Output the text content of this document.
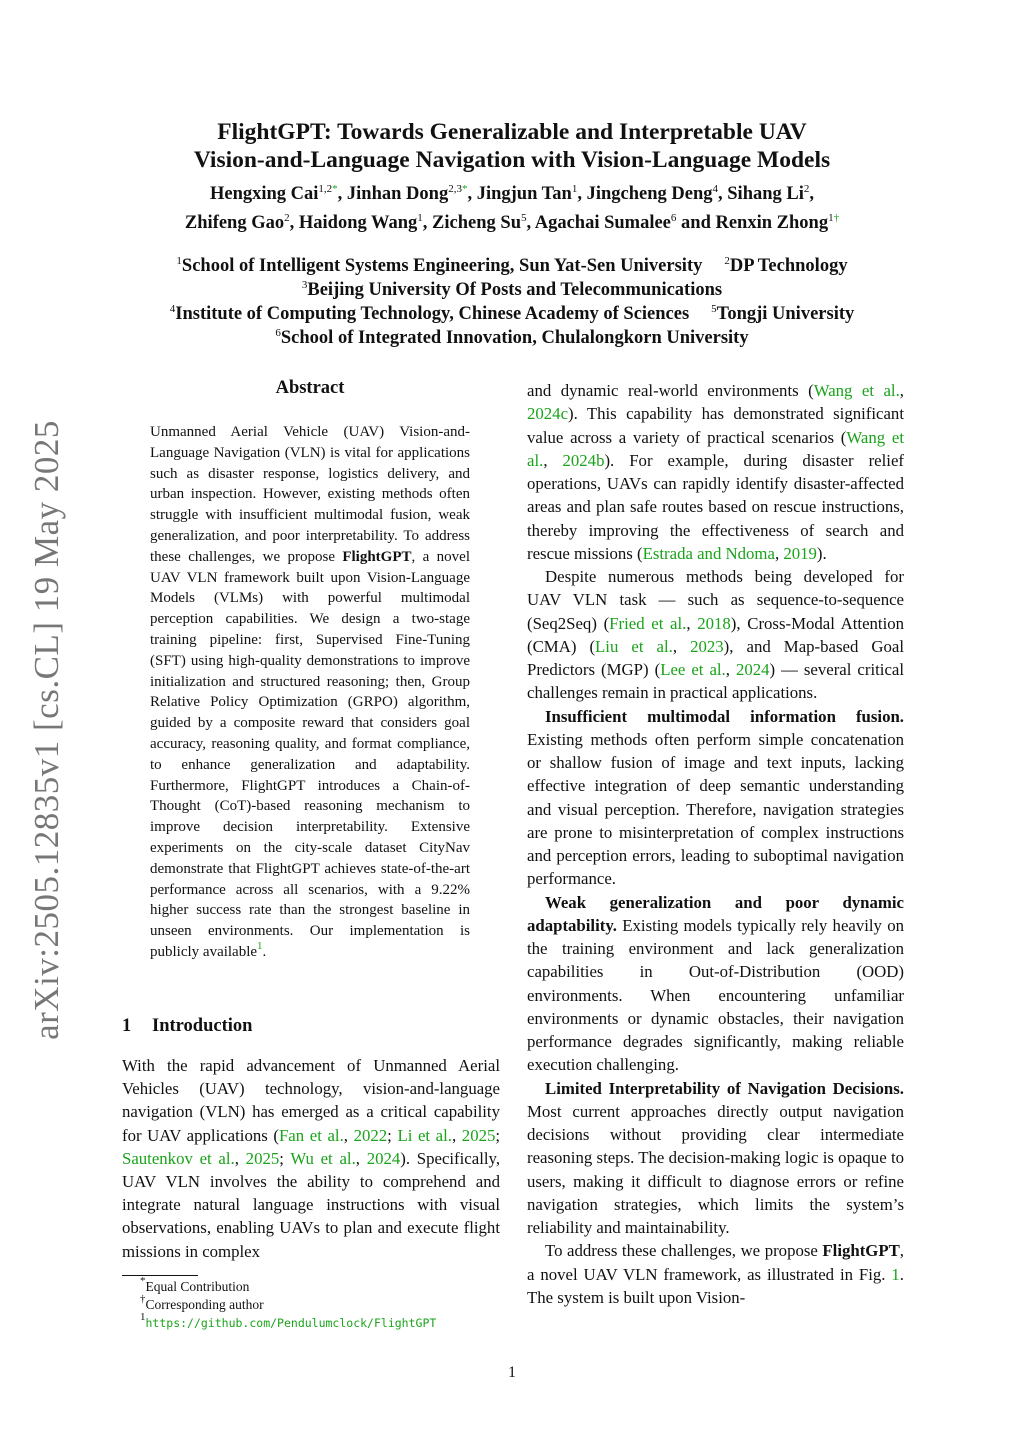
arXiv:2505.12835v1 [cs.CL] 19 May 2025
FlightGPT: Towards Generalizable and Interpretable UAV
Vision-and-Language Navigation with Vision-Language Models
Hengxing Cai$^{1,2*}$, Jinhan Dong$^{2,3*}$, Jingjun Tan$^1$, Jingcheng Deng$^4$, Sihang Li$^2$,
Zhifeng Gao$^2$, Haidong Wang$^1$, Zicheng Su$^5$, Agachai Sumalee$^6$ and Renxin Zhong$^{1\dagger}$
$^1$School of Intelligent Systems Engineering, Sun Yat-Sen University $^2$DP Technology
$^3$Beijing University Of Posts and Telecommunications
$^4$Institute of Computing Technology, Chinese Academy of Sciences $^5$Tongji University
$^6$School of Integrated Innovation, Chulalongkorn University
Abstract
Unmanned Aerial Vehicle (UAV) Vision-and-Language Navigation (VLN) is vital for applications such as disaster response, logistics delivery, and urban inspection. However, existing methods often struggle with insufficient multimodal fusion, weak generalization, and poor interpretability. To address these challenges, we propose FlightGPT, a novel UAV VLN framework built upon Vision-Language Models (VLMs) with powerful multimodal perception capabilities. We design a two-stage training pipeline: first, Supervised Fine-Tuning (SFT) using high-quality demonstrations to improve initialization and structured reasoning; then, Group Relative Policy Optimization (GRPO) algorithm, guided by a composite reward that considers goal accuracy, reasoning quality, and format compliance, to enhance generalization and adaptability. Furthermore, FlightGPT introduces a Chain-of-Thought (CoT)-based reasoning mechanism to improve decision interpretability. Extensive experiments on the city-scale dataset CityNav demonstrate that FlightGPT achieves state-of-the-art performance across all scenarios, with a 9.22% higher success rate than the strongest baseline in unseen environments. Our implementation is publicly available$^1$.
1 Introduction

With the rapid advancement of Unmanned Aerial Vehicles (UAV) technology, vision-and-language navigation (VLN) has emerged as a critical capability for UAV applications (Fan et al., 2022; Li et al., 2025; Sautenkov et al., 2025; Wu et al., 2024). Specifically, UAV VLN involves the ability to comprehend and integrate natural language instructions with visual observations, enabling UAVs to plan and execute flight missions in complex

and dynamic real-world environments (Wang et al., 2024c). This capability has demonstrated significant value across a variety of practical scenarios (Wang et al., 2024b). For example, during disaster relief operations, UAVs can rapidly identify disaster-affected areas and plan safe routes based on rescue instructions, thereby improving the effectiveness of search and rescue missions (Estrada and Ndoma, 2019).

Despite numerous methods being developed for UAV VLN task — such as sequence-to-sequence (Seq2Seq) (Fried et al., 2018), Cross-Modal Attention (CMA) (Liu et al., 2023), and Map-based Goal Predictors (MGP) (Lee et al., 2024) — several critical challenges remain in practical applications.

Insufficient multimodal information fusion. Existing methods often perform simple concatenation or shallow fusion of image and text inputs, lacking effective integration of deep semantic understanding and visual perception. Therefore, navigation strategies are prone to misinterpretation of complex instructions and perception errors, leading to suboptimal navigation performance.

Weak generalization and poor dynamic adaptability. Existing models typically rely heavily on the training environment and lack generalization capabilities in Out-of-Distribution (OOD) environments. When encountering unfamiliar environments or dynamic obstacles, their navigation performance degrades significantly, making reliable execution challenging.

Limited Interpretability of Navigation Decisions. Most current approaches directly output navigation decisions without providing clear intermediate reasoning steps. The decision-making logic is opaque to users, making it difficult to diagnose errors or refine navigation strategies, which limits the system’s reliability and maintainability.

To address these challenges, we propose FlightGPT, a novel UAV VLN framework, as illustrated in Fig. 1. The system is built upon Vision-

*Equal Contribution
†Corresponding author
$^1$https://github.com/Pendulumclock/FlightGPT
1
